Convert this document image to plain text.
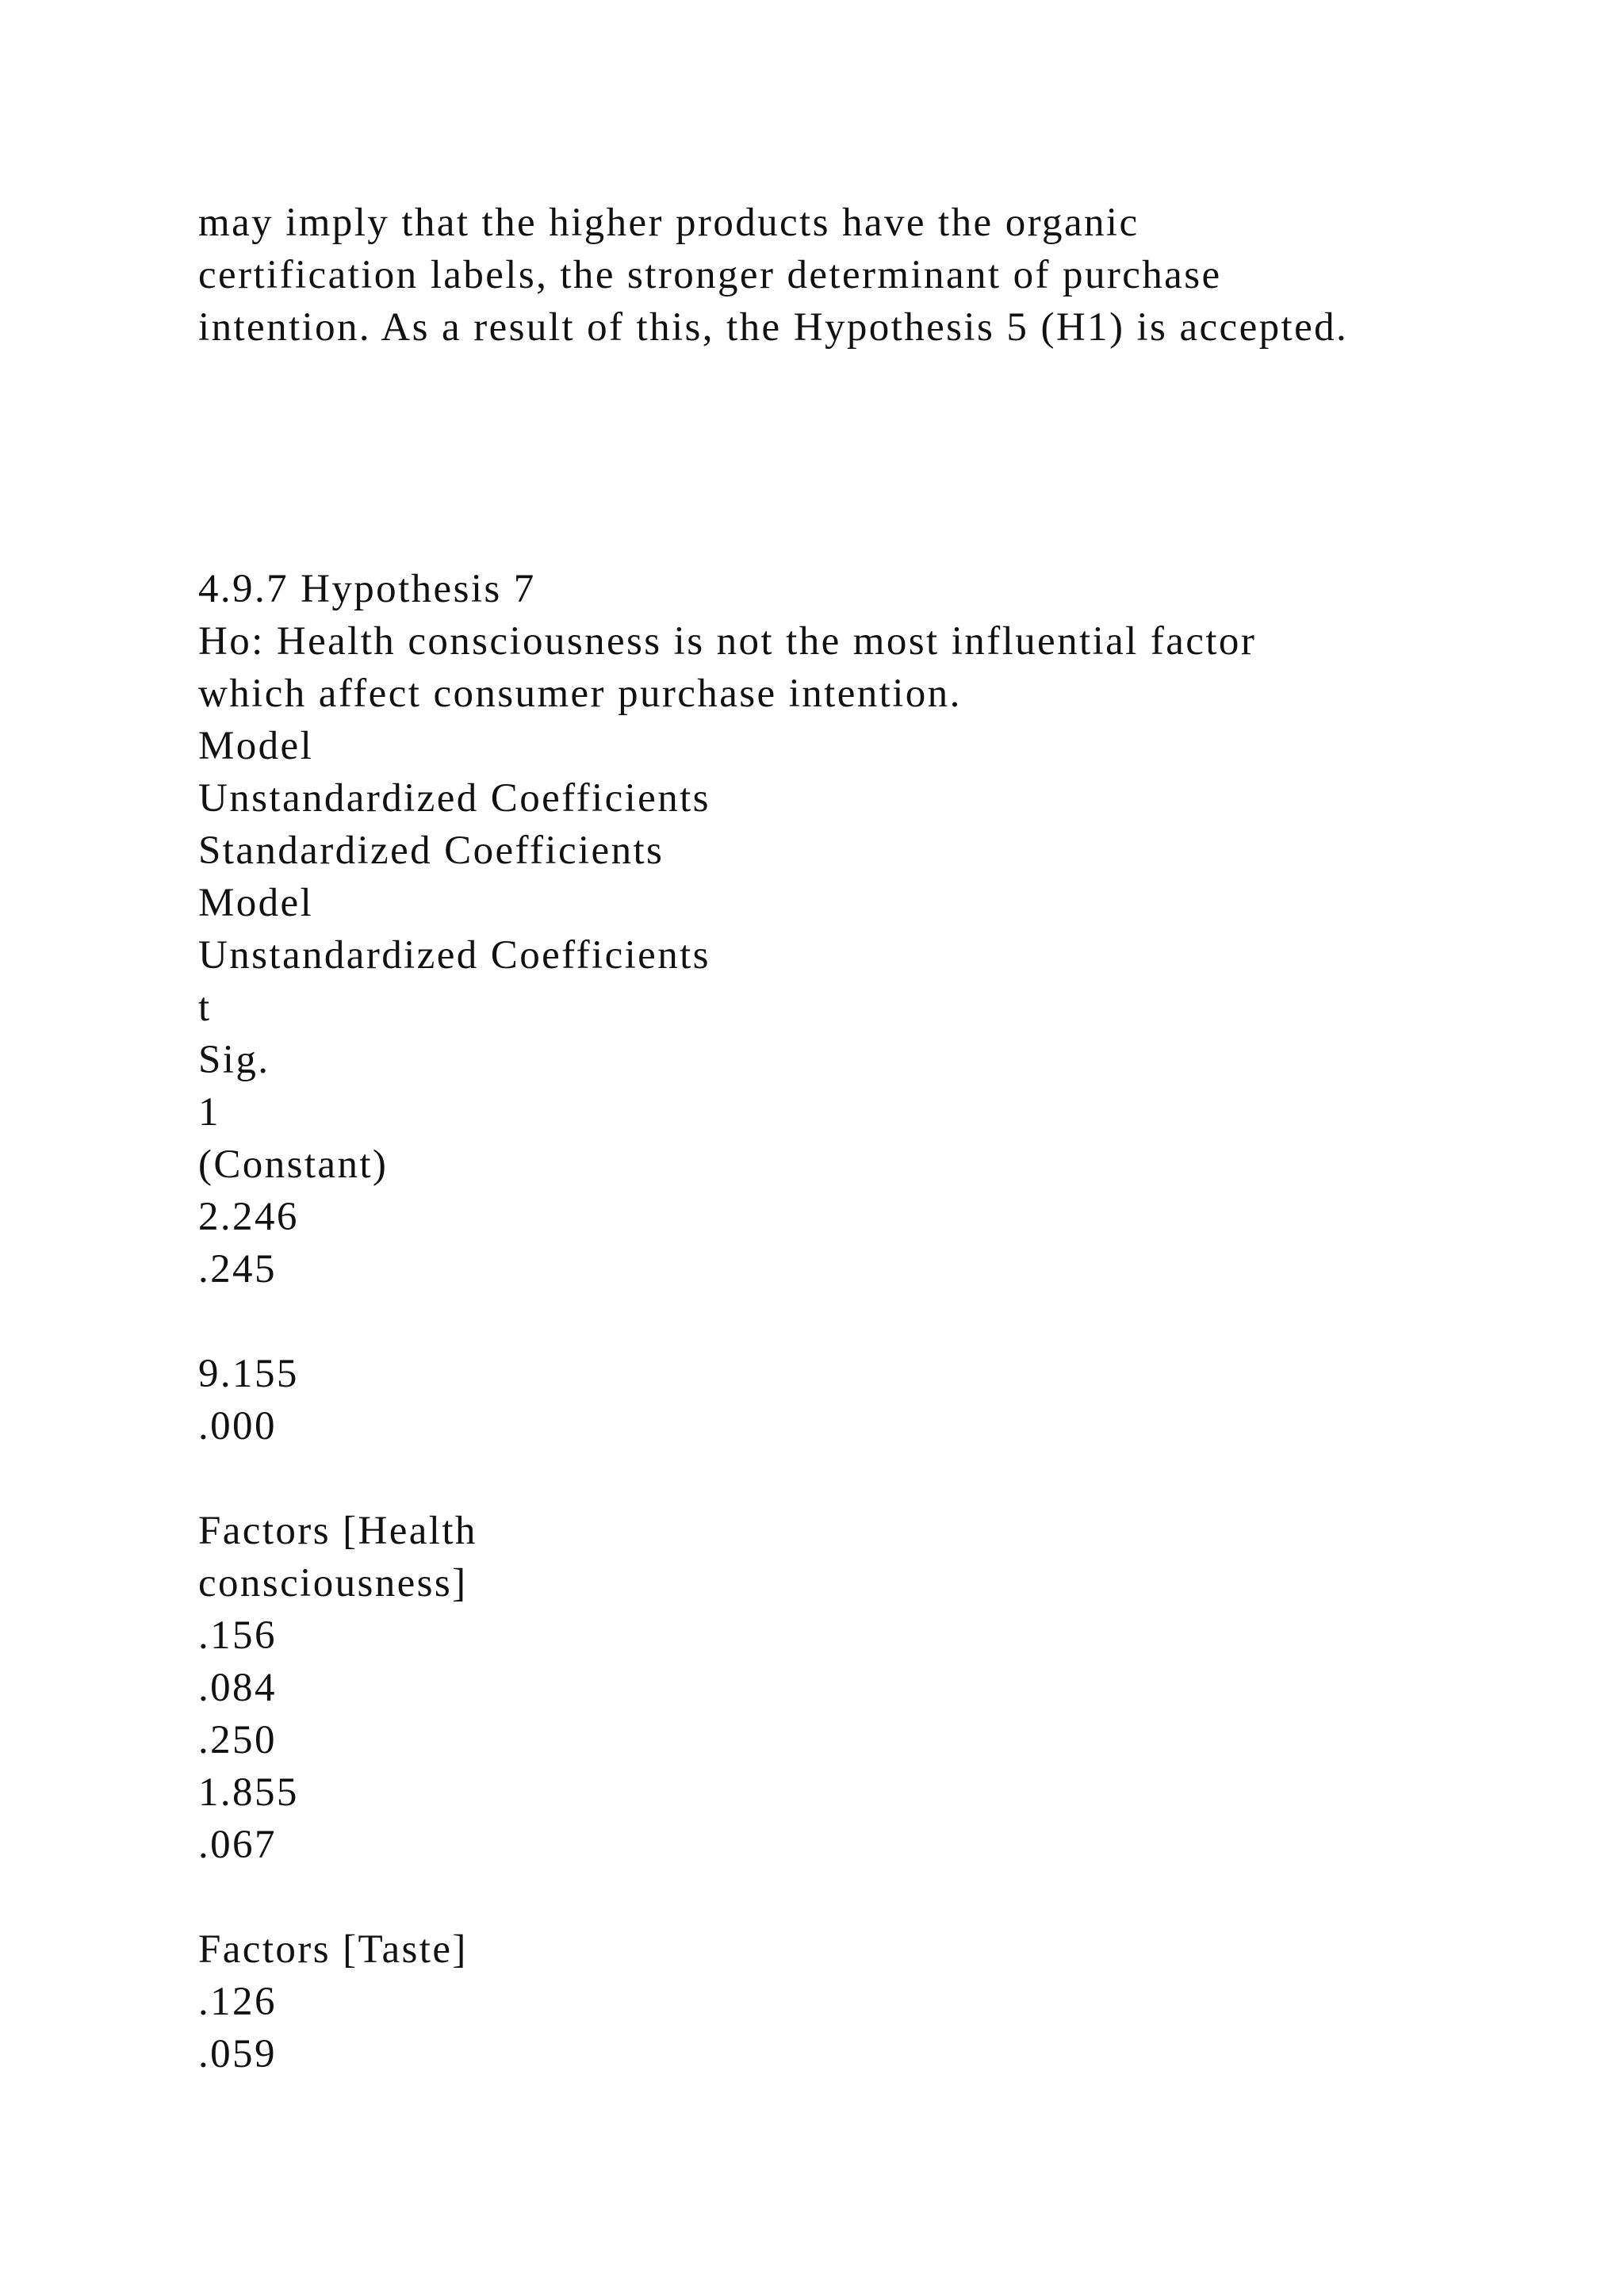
may imply that the higher products have the organic
certification labels, the stronger determinant of purchase
intention. As a result of this, the Hypothesis 5 (H1) is accepted.
4.9.7 Hypothesis 7
Ho: Health consciousness is not the most influential factor
which affect consumer purchase intention.
Model
Unstandardized Coefficients
Standardized Coefficients
Model
Unstandardized Coefficients
t
Sig.
1
(Constant)
2.246
.245
9.155
.000
Factors [Health
consciousness]
.156
.084
.250
1.855
.067
Factors [Taste]
.126
.059
